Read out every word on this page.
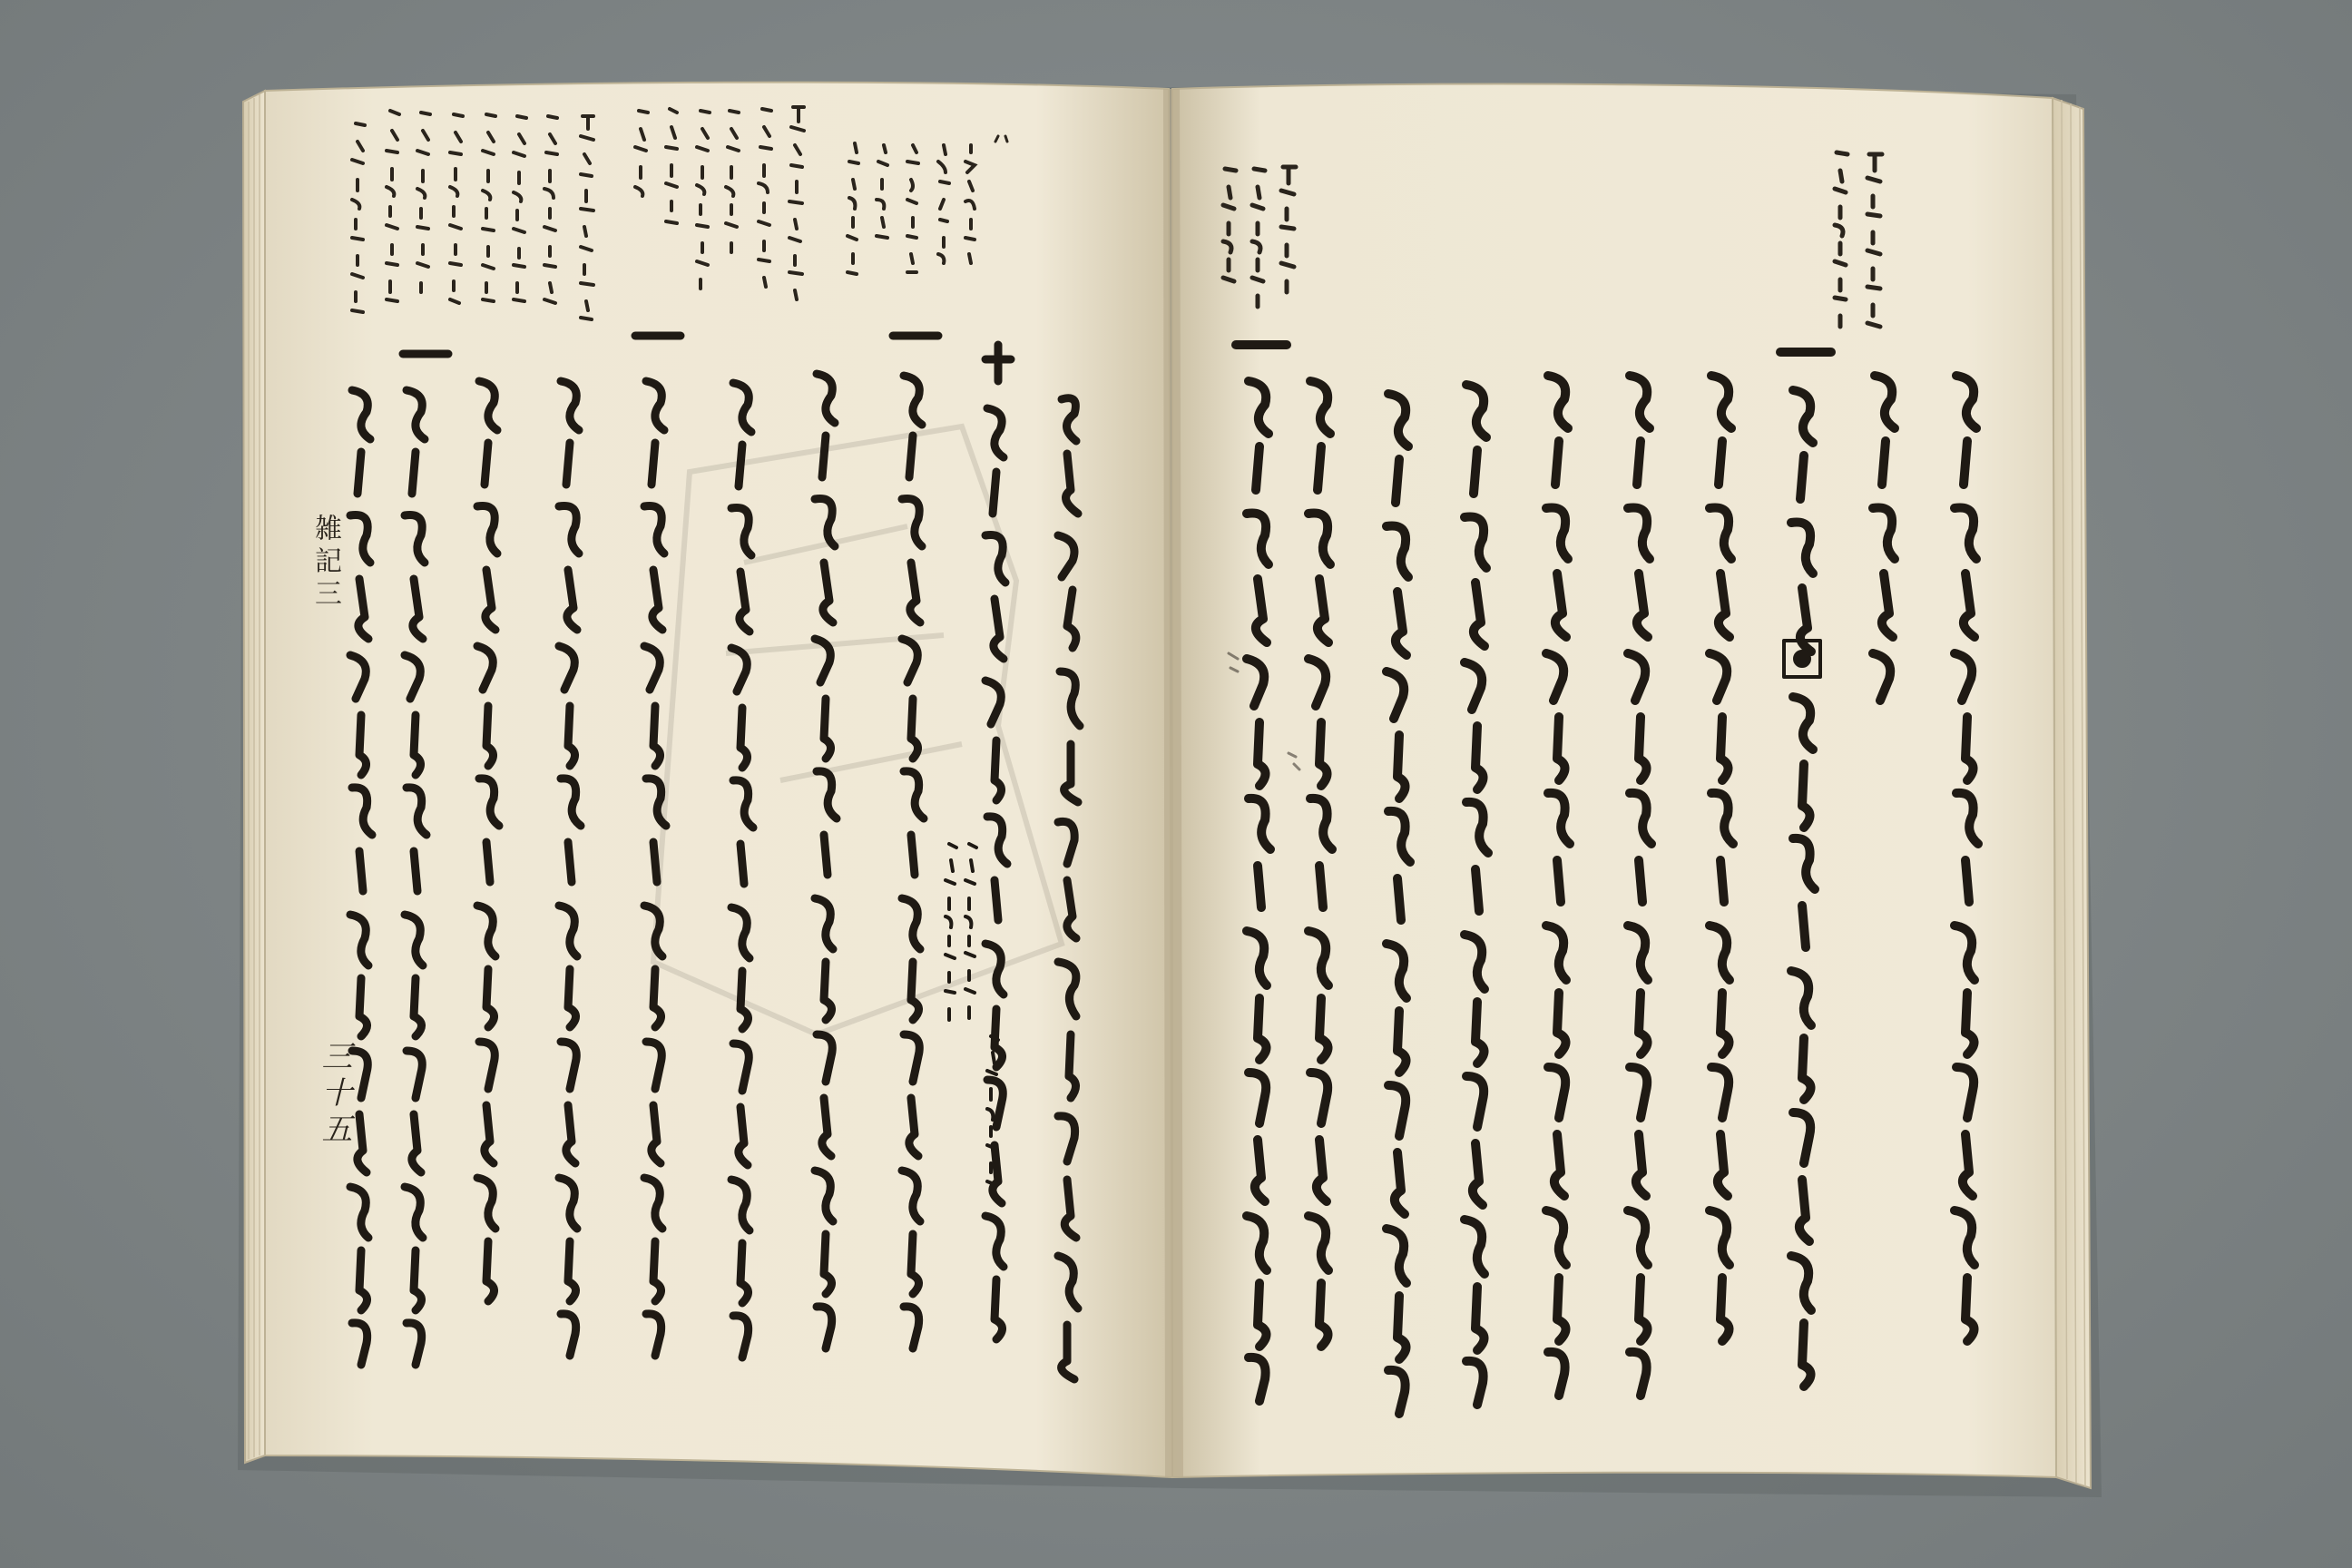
雑記三
三十五
